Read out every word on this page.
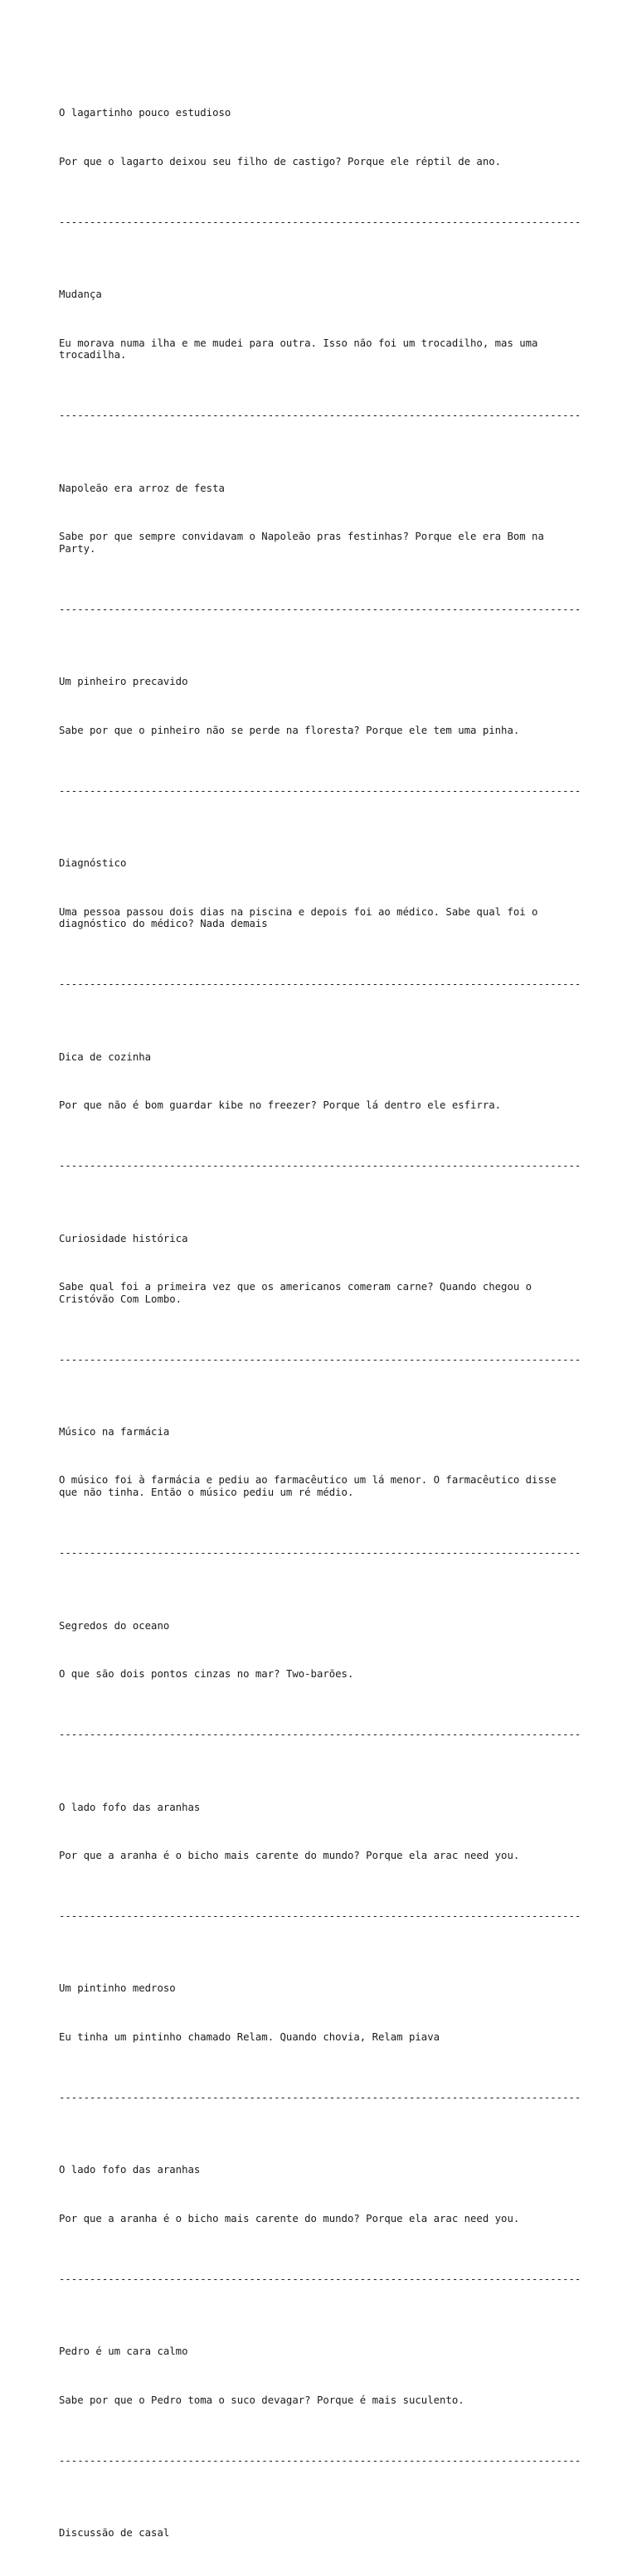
O lagartinho pouco estudioso

Por que o lagarto deixou seu filho de castigo? Porque ele réptil de ano.

-------------------------------------------------------------------------------------

Mudança

Eu morava numa ilha e me mudei para outra. Isso não foi um trocadilho, mas uma
trocadilha.

-------------------------------------------------------------------------------------

Napoleão era arroz de festa

Sabe por que sempre convidavam o Napoleão pras festinhas? Porque ele era Bom na
Party.

-------------------------------------------------------------------------------------

Um pinheiro precavido

Sabe por que o pinheiro não se perde na floresta? Porque ele tem uma pinha.

-------------------------------------------------------------------------------------

Diagnóstico

Uma pessoa passou dois dias na piscina e depois foi ao médico. Sabe qual foi o
diagnóstico do médico? Nada demais

-------------------------------------------------------------------------------------

Dica de cozinha

Por que não é bom guardar kibe no freezer? Porque lá dentro ele esfirra.

-------------------------------------------------------------------------------------

Curiosidade histórica

Sabe qual foi a primeira vez que os americanos comeram carne? Quando chegou o
Cristóvão Com Lombo.

-------------------------------------------------------------------------------------

Músico na farmácia

O músico foi à farmácia e pediu ao farmacêutico um lá menor. O farmacêutico disse
que não tinha. Então o músico pediu um ré médio.

-------------------------------------------------------------------------------------

Segredos do oceano

O que são dois pontos cinzas no mar? Two-barões.

-------------------------------------------------------------------------------------

O lado fofo das aranhas

Por que a aranha é o bicho mais carente do mundo? Porque ela arac need you.

-------------------------------------------------------------------------------------

Um pintinho medroso

Eu tinha um pintinho chamado Relam. Quando chovia, Relam piava

-------------------------------------------------------------------------------------

O lado fofo das aranhas

Por que a aranha é o bicho mais carente do mundo? Porque ela arac need you.

-------------------------------------------------------------------------------------

Pedro é um cara calmo

Sabe por que o Pedro toma o suco devagar? Porque é mais suculento.

-------------------------------------------------------------------------------------

Discussão de casal
